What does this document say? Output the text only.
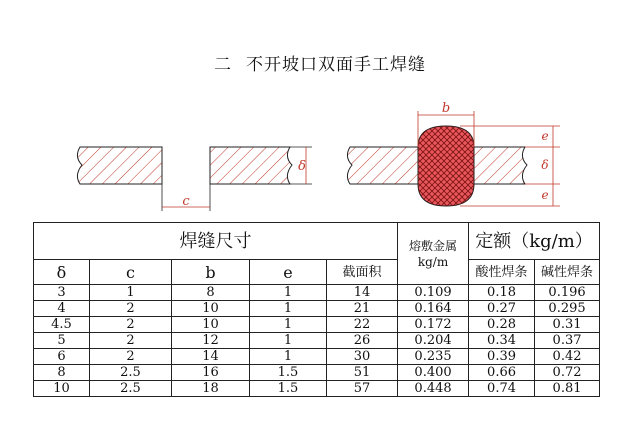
二 不开坡口双面手工焊缝
c
δ
b
e
δ
e
焊缝尺寸					熔敷金属
kg/m	定额（kg/m）	
δ	c	b	e	截面积		酸性焊条	碱性焊条
3	1	8	1	14	0.109	0.18	0.196
4	2	10	1	21	0.164	0.27	0.295
4.5	2	10	1	22	0.172	0.28	0.31
5	2	12	1	26	0.204	0.34	0.37
6	2	14	1	30	0.235	0.39	0.42
8	2.5	16	1.5	51	0.400	0.66	0.72
10	2.5	18	1.5	57	0.448	0.74	0.81
